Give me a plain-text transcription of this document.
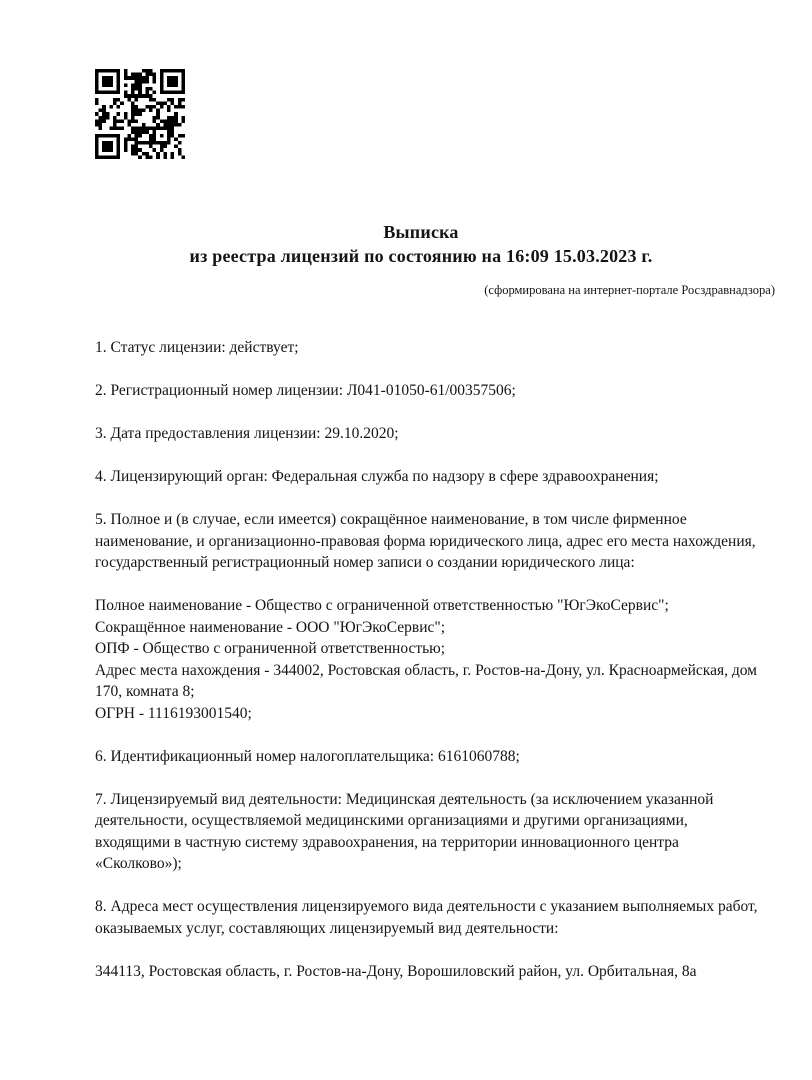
Выписка
из реестра лицензий по состоянию на 16:09 15.03.2023 г.
(сформирована на интернет-портале Росздравнадзора)

1. Статус лицензии: действует;

2. Регистрационный номер лицензии: Л041-01050-61/00357506;

3. Дата предоставления лицензии: 29.10.2020;

4. Лицензирующий орган: Федеральная служба по надзору в сфере здравоохранения;

5. Полное и (в случае, если имеется) сокращённое наименование, в том числе фирменное наименование, и организационно-правовая форма юридического лица, адрес его места нахождения, государственный регистрационный номер записи о создании юридического лица:

Полное наименование - Общество с ограниченной ответственностью "ЮгЭкоСервис";
Сокращённое наименование - ООО "ЮгЭкоСервис";
ОПФ - Общество с ограниченной ответственностью;
Адрес места нахождения - 344002, Ростовская область, г. Ростов-на-Дону, ул. Красноармейская, дом 170, комната 8;
ОГРН - 1116193001540;

6. Идентификационный номер налогоплательщика: 6161060788;

7. Лицензируемый вид деятельности: Медицинская деятельность (за исключением указанной деятельности, осуществляемой медицинскими организациями и другими организациями, входящими в частную систему здравоохранения, на территории инновационного центра «Сколково»);

8. Адреса мест осуществления лицензируемого вида деятельности с указанием выполняемых работ, оказываемых услуг, составляющих лицензируемый вид деятельности:

344113, Ростовская область, г. Ростов-на-Дону, Ворошиловский район, ул. Орбитальная, 8а
